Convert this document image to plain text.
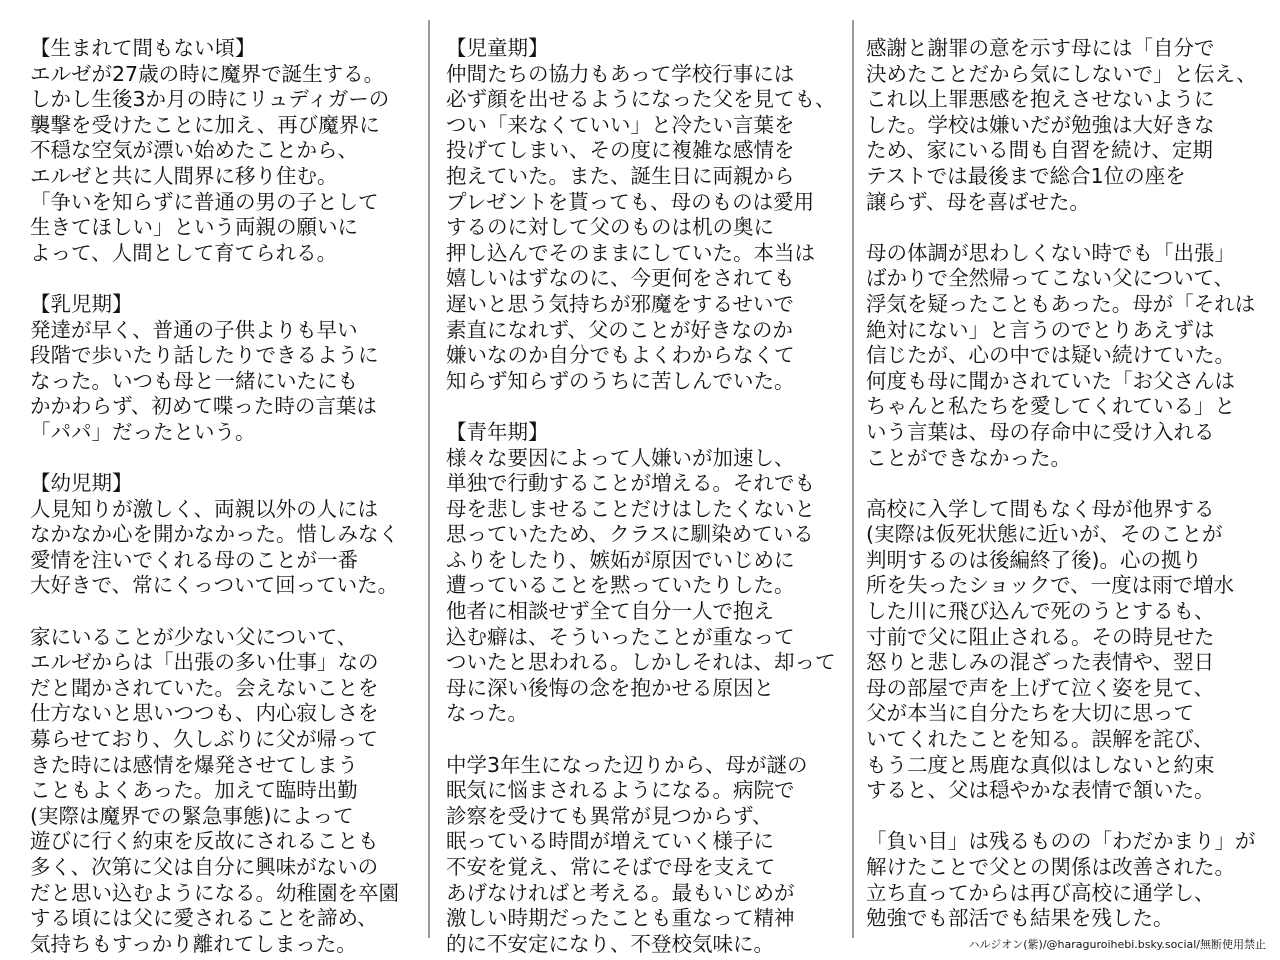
【生まれて間もない頃】
エルゼが27歳の時に魔界で誕生する。
しかし生後3か月の時にリュディガーの
襲撃を受けたことに加え、再び魔界に
不穏な空気が漂い始めたことから、
エルゼと共に人間界に移り住む。
「争いを知らずに普通の男の子として
生きてほしい」という両親の願いに
よって、人間として育てられる。
【乳児期】
発達が早く、普通の子供よりも早い
段階で歩いたり話したりできるように
なった。いつも母と一緒にいたにも
かかわらず、初めて喋った時の言葉は
「パパ」だったという。
【幼児期】
人見知りが激しく、両親以外の人には
なかなか心を開かなかった。惜しみなく
愛情を注いでくれる母のことが一番
大好きで、常にくっついて回っていた。
家にいることが少ない父について、
エルゼからは「出張の多い仕事」なの
だと聞かされていた。会えないことを
仕方ないと思いつつも、内心寂しさを
募らせており、久しぶりに父が帰って
きた時には感情を爆発させてしまう
こともよくあった。加えて臨時出勤
(実際は魔界での緊急事態)によって
遊びに行く約束を反故にされることも
多く、次第に父は自分に興味がないの
だと思い込むようになる。幼稚園を卒園
する頃には父に愛されることを諦め、
気持ちもすっかり離れてしまった。
【児童期】
仲間たちの協力もあって学校行事には
必ず顔を出せるようになった父を見ても、
つい「来なくていい」と冷たい言葉を
投げてしまい、その度に複雑な感情を
抱えていた。また、誕生日に両親から
プレゼントを貰っても、母のものは愛用
するのに対して父のものは机の奥に
押し込んでそのままにしていた。本当は
嬉しいはずなのに、今更何をされても
遅いと思う気持ちが邪魔をするせいで
素直になれず、父のことが好きなのか
嫌いなのか自分でもよくわからなくて
知らず知らずのうちに苦しんでいた。
【青年期】
様々な要因によって人嫌いが加速し、
単独で行動することが増える。それでも
母を悲しませることだけはしたくないと
思っていたため、クラスに馴染めている
ふりをしたり、嫉妬が原因でいじめに
遭っていることを黙っていたりした。
他者に相談せず全て自分一人で抱え
込む癖は、そういったことが重なって
ついたと思われる。しかしそれは、却って
母に深い後悔の念を抱かせる原因と
なった。
中学3年生になった辺りから、母が謎の
眠気に悩まされるようになる。病院で
診察を受けても異常が見つからず、
眠っている時間が増えていく様子に
不安を覚え、常にそばで母を支えて
あげなければと考える。最もいじめが
激しい時期だったことも重なって精神
的に不安定になり、不登校気味に。
感謝と謝罪の意を示す母には「自分で
決めたことだから気にしないで」と伝え、
これ以上罪悪感を抱えさせないように
した。学校は嫌いだが勉強は大好きな
ため、家にいる間も自習を続け、定期
テストでは最後まで総合1位の座を
譲らず、母を喜ばせた。
母の体調が思わしくない時でも「出張」
ばかりで全然帰ってこない父について、
浮気を疑ったこともあった。母が「それは
絶対にない」と言うのでとりあえずは
信じたが、心の中では疑い続けていた。
何度も母に聞かされていた「お父さんは
ちゃんと私たちを愛してくれている」と
いう言葉は、母の存命中に受け入れる
ことができなかった。
高校に入学して間もなく母が他界する
(実際は仮死状態に近いが、そのことが
判明するのは後編終了後)。心の拠り
所を失ったショックで、一度は雨で増水
した川に飛び込んで死のうとするも、
寸前で父に阻止される。その時見せた
怒りと悲しみの混ざった表情や、翌日
母の部屋で声を上げて泣く姿を見て、
父が本当に自分たちを大切に思って
いてくれたことを知る。誤解を詫び、
もう二度と馬鹿な真似はしないと約束
すると、父は穏やかな表情で頷いた。
「負い目」は残るものの「わだかまり」が
解けたことで父との関係は改善された。
立ち直ってからは再び高校に通学し、
勉強でも部活でも結果を残した。
ハルジオン(紫)/@haraguroihebi.bsky.social/無断使用禁止
